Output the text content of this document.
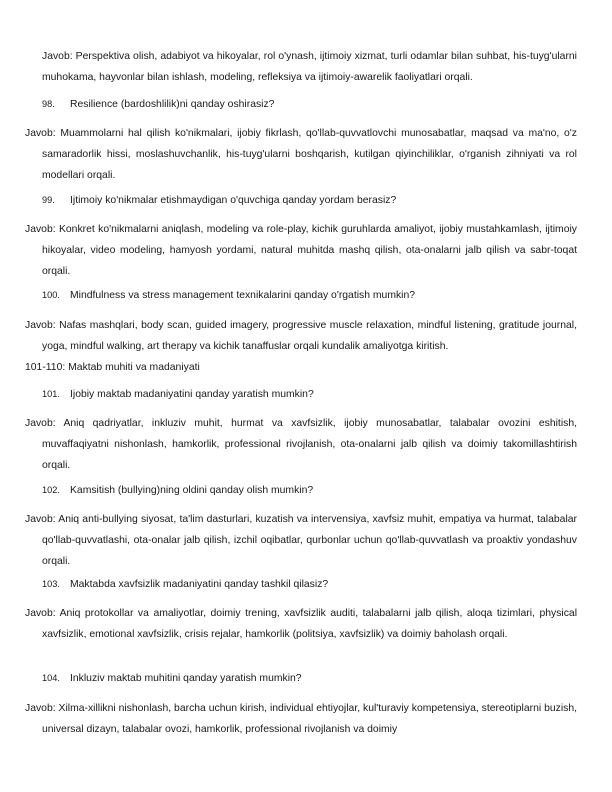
Javob: Perspektiva olish, adabiyot va hikoyalar, rol o'ynash, ijtimoiy xizmat, turli odamlar bilan suhbat, his-tuyg'ularni muhokama, hayvonlar bilan ishlash, modeling, refleksiya va ijtimoiy-awarelik faoliyatlari orqali.

98. Resilience (bardoshlilik)ni qanday oshirasiz?

Javob: Muammolarni hal qilish ko'nikmalari, ijobiy fikrlash, qo'llab-quvvatlovchi munosabatlar, maqsad va ma'no, o'z samaradorlik hissi, moslashuvchanlik, his-tuyg'ularni boshqarish, kutilgan qiyinchiliklar, o'rganish zihniyati va rol modellari orqali.

99. Ijtimoiy ko'nikmalar etishmaydigan o'quvchiga qanday yordam berasiz?

Javob: Konkret ko'nikmalarni aniqlash, modeling va role-play, kichik guruhlarda amaliyot, ijobiy mustahkamlash, ijtimoiy hikoyalar, video modeling, hamyosh yordami, natural muhitda mashq qilish, ota-onalarni jalb qilish va sabr-toqat orqali.

100. Mindfulness va stress management texnikalarini qanday o'rgatish mumkin?

Javob: Nafas mashqlari, body scan, guided imagery, progressive muscle relaxation, mindful listening, gratitude journal, yoga, mindful walking, art therapy va kichik tanaffuslar orqali kundalik amaliyotga kiritish.

101-110: Maktab muhiti va madaniyati
101. Ijobiy maktab madaniyatini qanday yaratish mumkin?

Javob: Aniq qadriyatlar, inkluziv muhit, hurmat va xavfsizlik, ijobiy munosabatlar, talabalar ovozini eshitish, muvaffaqiyatni nishonlash, hamkorlik, professional rivojlanish, ota-onalarni jalb qilish va doimiy takomillashtirish orqali.

102. Kamsitish (bullying)ning oldini qanday olish mumkin?

Javob: Aniq anti-bullying siyosat, ta'lim dasturlari, kuzatish va intervensiya, xavfsiz muhit, empatiya va hurmat, talabalar qo'llab-quvvatlashi, ota-onalar jalb qilish, izchil oqibatlar, qurbonlar uchun qo'llab-quvvatlash va proaktiv yondashuv orqali.

103. Maktabda xavfsizlik madaniyatini qanday tashkil qilasiz?

Javob: Aniq protokollar va amaliyotlar, doimiy trening, xavfsizlik auditi, talabalarni jalb qilish, aloqa tizimlari, physical xavfsizlik, emotional xavfsizlik, crisis rejalar, hamkorlik (politsiya, xavfsizlik) va doimiy baholash orqali.

104. Inkluziv maktab muhitini qanday yaratish mumkin?

Javob: Xilma-xillikni nishonlash, barcha uchun kirish, individual ehtiyojlar, kul'turaviy kompetensiya, stereotiplarni buzish, universal dizayn, talabalar ovozi, hamkorlik, professional rivojlanish va doimiy
